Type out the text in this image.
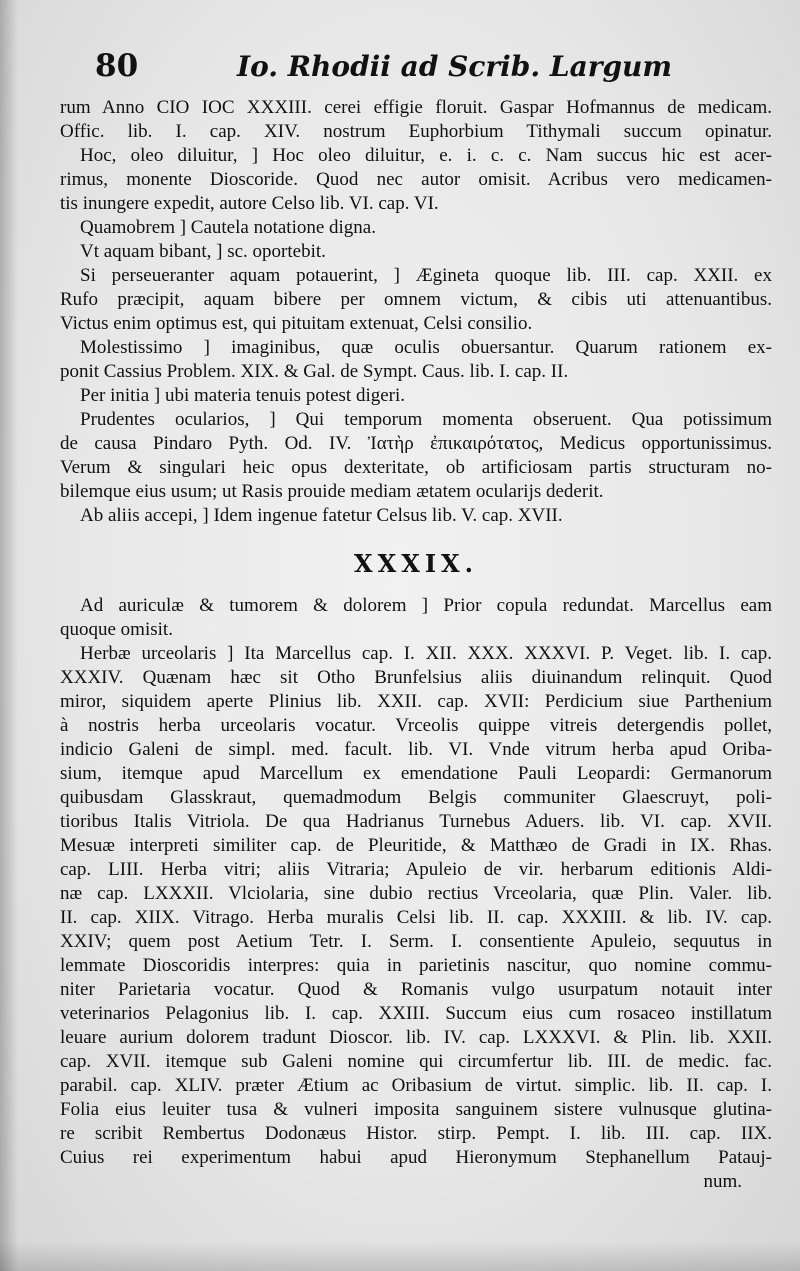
80	Io. Rhodii ad Scrib. Largum
rum Anno CIO IOC XXXIII. cerei effigie floruit. Gaspar Hofmannus de medicam.
Offic. lib. I. cap. XIV. nostrum Euphorbium Tithymali succum opinatur.
Hoc, oleo diluitur, ] Hoc oleo diluitur, e. i. c. c. Nam succus hic est acer-
rimus, monente Dioscoride. Quod nec autor omisit. Acribus vero medicamen-
tis inungere expedit, autore Celso lib. VI. cap. VI.
Quamobrem ] Cautela notatione digna.
Vt aquam bibant, ] sc. oportebit.
Si perseueranter aquam potauerint, ] Ægineta quoque lib. III. cap. XXII. ex
Rufo præcipit, aquam bibere per omnem victum, & cibis uti attenuantibus.
Victus enim optimus est, qui pituitam extenuat, Celsi consilio.
Molestissimo ] imaginibus, quæ oculis obuersantur. Quarum rationem ex-
ponit Cassius Problem. XIX. & Gal. de Sympt. Caus. lib. I. cap. II.
Per initia ] ubi materia tenuis potest digeri.
Prudentes ocularios, ] Qui temporum momenta obseruent. Qua potissimum
de causa Pindaro Pyth. Od. IV. Ἰατὴρ ἐπικαιρότατος, Medicus opportunissimus.
Verum & singulari heic opus dexteritate, ob artificiosam partis structuram no-
bilemque eius usum; ut Rasis prouide mediam ætatem ocularijs dederit.
Ab aliis accepi, ] Idem ingenue fatetur Celsus lib. V. cap. XVII.
XXXIX.
Ad auriculæ & tumorem & dolorem ] Prior copula redundat. Marcellus eam
quoque omisit.
Herbæ urceolaris ] Ita Marcellus cap. I. XII. XXX. XXXVI. P. Veget. lib. I. cap.
XXXIV. Quænam hæc sit Otho Brunfelsius aliis diuinandum relinquit. Quod
miror, siquidem aperte Plinius lib. XXII. cap. XVII: Perdicium siue Parthenium
à nostris herba urceolaris vocatur. Vrceolis quippe vitreis detergendis pollet,
indicio Galeni de simpl. med. facult. lib. VI. Vnde vitrum herba apud Oriba-
sium, itemque apud Marcellum ex emendatione Pauli Leopardi: Germanorum
quibusdam Glasskraut, quemadmodum Belgis communiter Glaescruyt, poli-
tioribus Italis Vitriola. De qua Hadrianus Turnebus Aduers. lib. VI. cap. XVII.
Mesuæ interpreti similiter cap. de Pleuritide, & Matthæo de Gradi in IX. Rhas.
cap. LIII. Herba vitri; aliis Vitraria; Apuleio de vir. herbarum editionis Aldi-
næ cap. LXXXII. Vlciolaria, sine dubio rectius Vrceolaria, quæ Plin. Valer. lib.
II. cap. XIIX. Vitrago. Herba muralis Celsi lib. II. cap. XXXIII. & lib. IV. cap.
XXIV; quem post Aetium Tetr. I. Serm. I. consentiente Apuleio, sequutus in
lemmate Dioscoridis interpres: quia in parietinis nascitur, quo nomine commu-
niter Parietaria vocatur. Quod & Romanis vulgo usurpatum notauit inter
veterinarios Pelagonius lib. I. cap. XXIII. Succum eius cum rosaceo instillatum
leuare aurium dolorem tradunt Dioscor. lib. IV. cap. LXXXVI. & Plin. lib. XXII.
cap. XVII. itemque sub Galeni nomine qui circumfertur lib. III. de medic. fac.
parabil. cap. XLIV. præter Ætium ac Oribasium de virtut. simplic. lib. II. cap. I.
Folia eius leuiter tusa & vulneri imposita sanguinem sistere vulnusque glutina-
re scribit Rembertus Dodonæus Histor. stirp. Pempt. I. lib. III. cap. IIX.
Cuius rei experimentum habui apud Hieronymum Stephanellum Patauj-
num.
